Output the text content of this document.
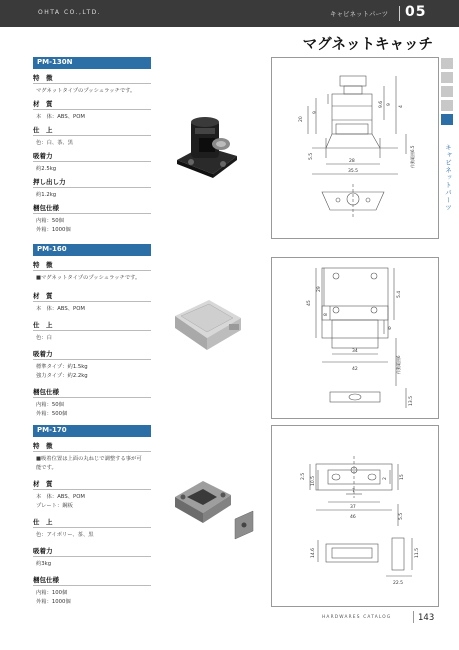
OHTA CO.,LTD.	キャビネットパーツ 05
マグネットキャッチ
キャビネットパーツ
PM-130N
特　徴
マグネットタイプのプッシュラッチです。
材　質
本　体：ABS、POM
仕　上
色：白、茶、黒
吸着力
約2.5kg
押し出し力
約1.2kg
梱包仕様
内箱：50個
外箱：1000個
20
9
5.5
28
35.5
9
9.6	4
作動範囲6.5
PM-160
特　徴
■マグネットタイプのプッシュラッチです。
材　質
本　体：ABS、POM
仕　上
色：白
吸着力
標準タイプ：約1.5kg
強力タイプ：約2.2kg
梱包仕様
内箱：50個
外箱：500個
45
29
8
5.4
9
34
42	作動範囲6
13.5
PM-170
特　徴
■吸着位置は上面の丸ねじで調整する事が可
能です。
材　質
本　体：ABS、POM
プレート：鋼板
仕　上
色：アイボリー、茶、黒
吸着力
約3kg
梱包仕様
内箱：100個
外箱：1000個
2.5 10.5
7
2	15
37
46	5.5
14.6	11.5
22.5
HARDWARES CATALOG	143
